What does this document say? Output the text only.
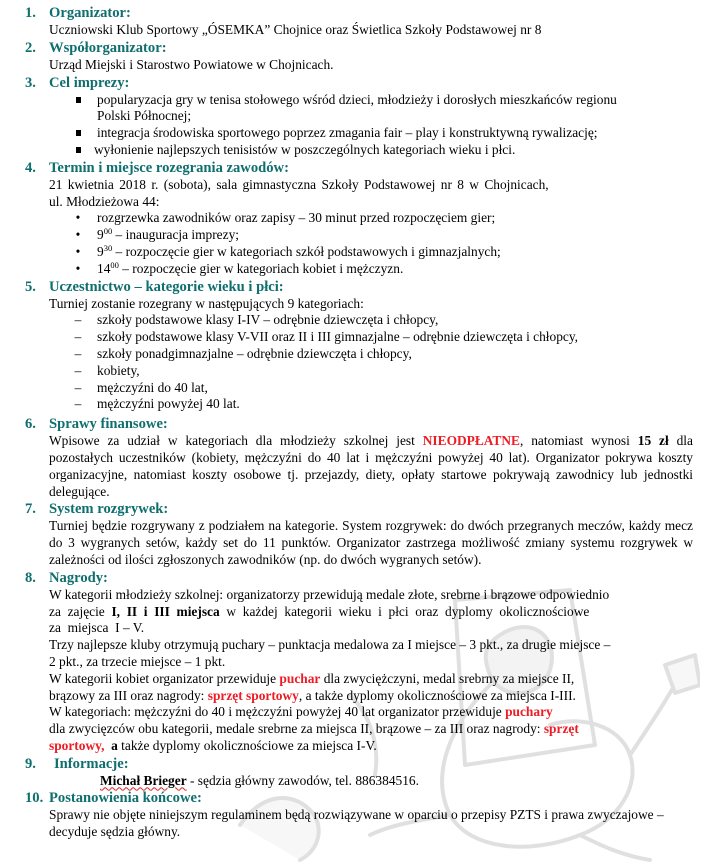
1. Organizator:
Uczniowski Klub Sportowy „ÓSEMKA” Chojnice oraz Świetlica Szkoły Podstawowej nr 8
2. Współorganizator:
Urząd Miejski i Starostwo Powiatowe w Chojnicach.
3. Cel imprezy:
popularyzacja gry w tenisa stołowego wśród dzieci, młodzieży i dorosłych mieszkańców regionu
Polski Północnej;
integracja środowiska sportowego poprzez zmagania fair – play i konstruktywną rywalizację;
wyłonienie najlepszych tenisistów w poszczególnych kategoriach wieku i płci.
4. Termin i miejsce rozegrania zawodów:
21 kwietnia 2018 r. (sobota), sala gimnastyczna Szkoły Podstawowej nr 8 w Chojnicach,
ul. Młodzieżowa 44:
• rozgrzewka zawodników oraz zapisy – 30 minut przed rozpoczęciem gier;
• $9^{00}$ – inauguracja imprezy;
• $9^{30}$ – rozpoczęcie gier w kategoriach szkół podstawowych i gimnazjalnych;
• $14^{00}$ – rozpoczęcie gier w kategoriach kobiet i mężczyzn.
5. Uczestnictwo – kategorie wieku i płci:
Turniej zostanie rozegrany w następujących 9 kategoriach:
– szkoły podstawowe klasy I-IV – odrębnie dziewczęta i chłopcy,
– szkoły podstawowe klasy V-VII oraz II i III gimnazjalne – odrębnie dziewczęta i chłopcy,
– szkoły ponadgimnazjalne – odrębnie dziewczęta i chłopcy,
– kobiety,
– mężczyźni do 40 lat,
– mężczyźni powyżej 40 lat.
6. Sprawy finansowe:
Wpisowe za udział w kategoriach dla młodzieży szkolnej jest NIEODPŁATNE, natomiast wynosi 15 zł dla pozostałych uczestników (kobiety, mężczyźni do 40 lat i mężczyźni powyżej 40 lat). Organizator pokrywa koszty organizacyjne, natomiast koszty osobowe tj. przejazdy, diety, opłaty startowe pokrywają zawodnicy lub jednostki delegujące.
7. System rozgrywek:
Turniej będzie rozgrywany z podziałem na kategorie. System rozgrywek: do dwóch przegranych meczów, każdy mecz do 3 wygranych setów, każdy set do 11 punktów. Organizator zastrzega możliwość zmiany systemu rozgrywek w zależności od ilości zgłoszonych zawodników (np. do dwóch wygranych setów).
8. Nagrody:
W kategorii młodzieży szkolnej: organizatorzy przewidują medale złote, srebrne i brązowe odpowiednio
za  zajęcie  I,  II  i  III  miejsca  w  każdej  kategorii  wieku  i  płci  oraz  dyplomy  okolicznościowe
za  miejsca  I – V.
Trzy najlepsze kluby otrzymują puchary – punktacja medalowa za I miejsce – 3 pkt., za drugie miejsce –
2 pkt., za trzecie miejsce – 1 pkt.
W kategorii kobiet organizator przewiduje puchar dla zwyciężczyni, medal srebrny za miejsce II,
brązowy za III oraz nagrody: sprzęt sportowy, a także dyplomy okolicznościowe za miejsca I-III.
W kategoriach: mężczyźni do 40 i mężczyźni powyżej 40 lat organizator przewiduje puchary
dla zwycięzców obu kategorii, medale srebrne za miejsca II, brązowe – za III oraz nagrody: sprzęt
sportowy,  a także dyplomy okolicznościowe za miejsca I-V.
9. Informacje:
Michał Brieger - sędzia główny zawodów, tel. 886384516.
10. Postanowienia końcowe:
Sprawy nie objęte niniejszym regulaminem będą rozwiązywane w oparciu o przepisy PZTS i prawa zwyczajowe – decyduje sędzia główny.
